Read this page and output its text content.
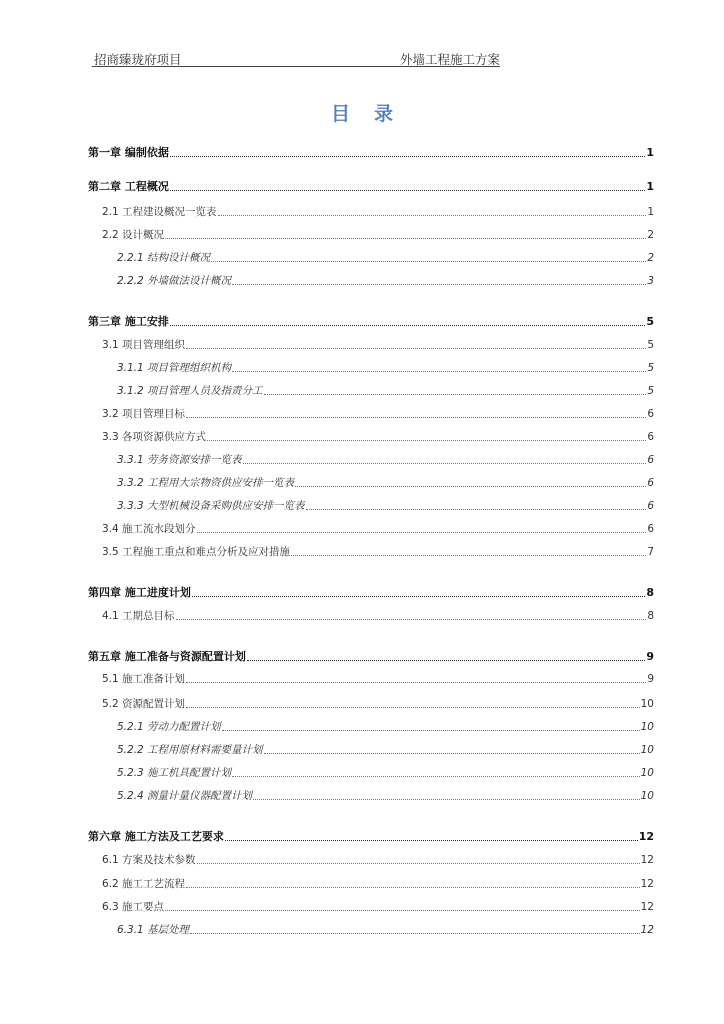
招商臻珑府项目	外墙工程施工方案
目录
第一章 编制依据	1
第二章 工程概况	1
2.1 工程建设概况一览表	1
2.2 设计概况	2
2.2.1 结构设计概况	2
2.2.2 外墙做法设计概况	3
第三章 施工安排	5
3.1 项目管理组织	5
3.1.1 项目管理组织机构	5
3.1.2 项目管理人员及指责分工	5
3.2 项目管理目标	6
3.3 各项资源供应方式	6
3.3.1 劳务资源安排一览表	6
3.3.2 工程用大宗物资供应安排一览表	6
3.3.3 大型机械设备采购供应安排一览表	6
3.4 施工流水段划分	6
3.5 工程施工重点和难点分析及应对措施	7
第四章 施工进度计划	8
4.1 工期总目标	8
第五章 施工准备与资源配置计划	9
5.1 施工准备计划	9
5.2 资源配置计划	10
5.2.1 劳动力配置计划	10
5.2.2 工程用原材料需要量计划	10
5.2.3 施工机具配置计划	10
5.2.4 测量计量仪器配置计划	10
第六章 施工方法及工艺要求	12
6.1 方案及技术参数	12
6.2 施工工艺流程	12
6.3 施工要点	12
6.3.1 基层处理	12
